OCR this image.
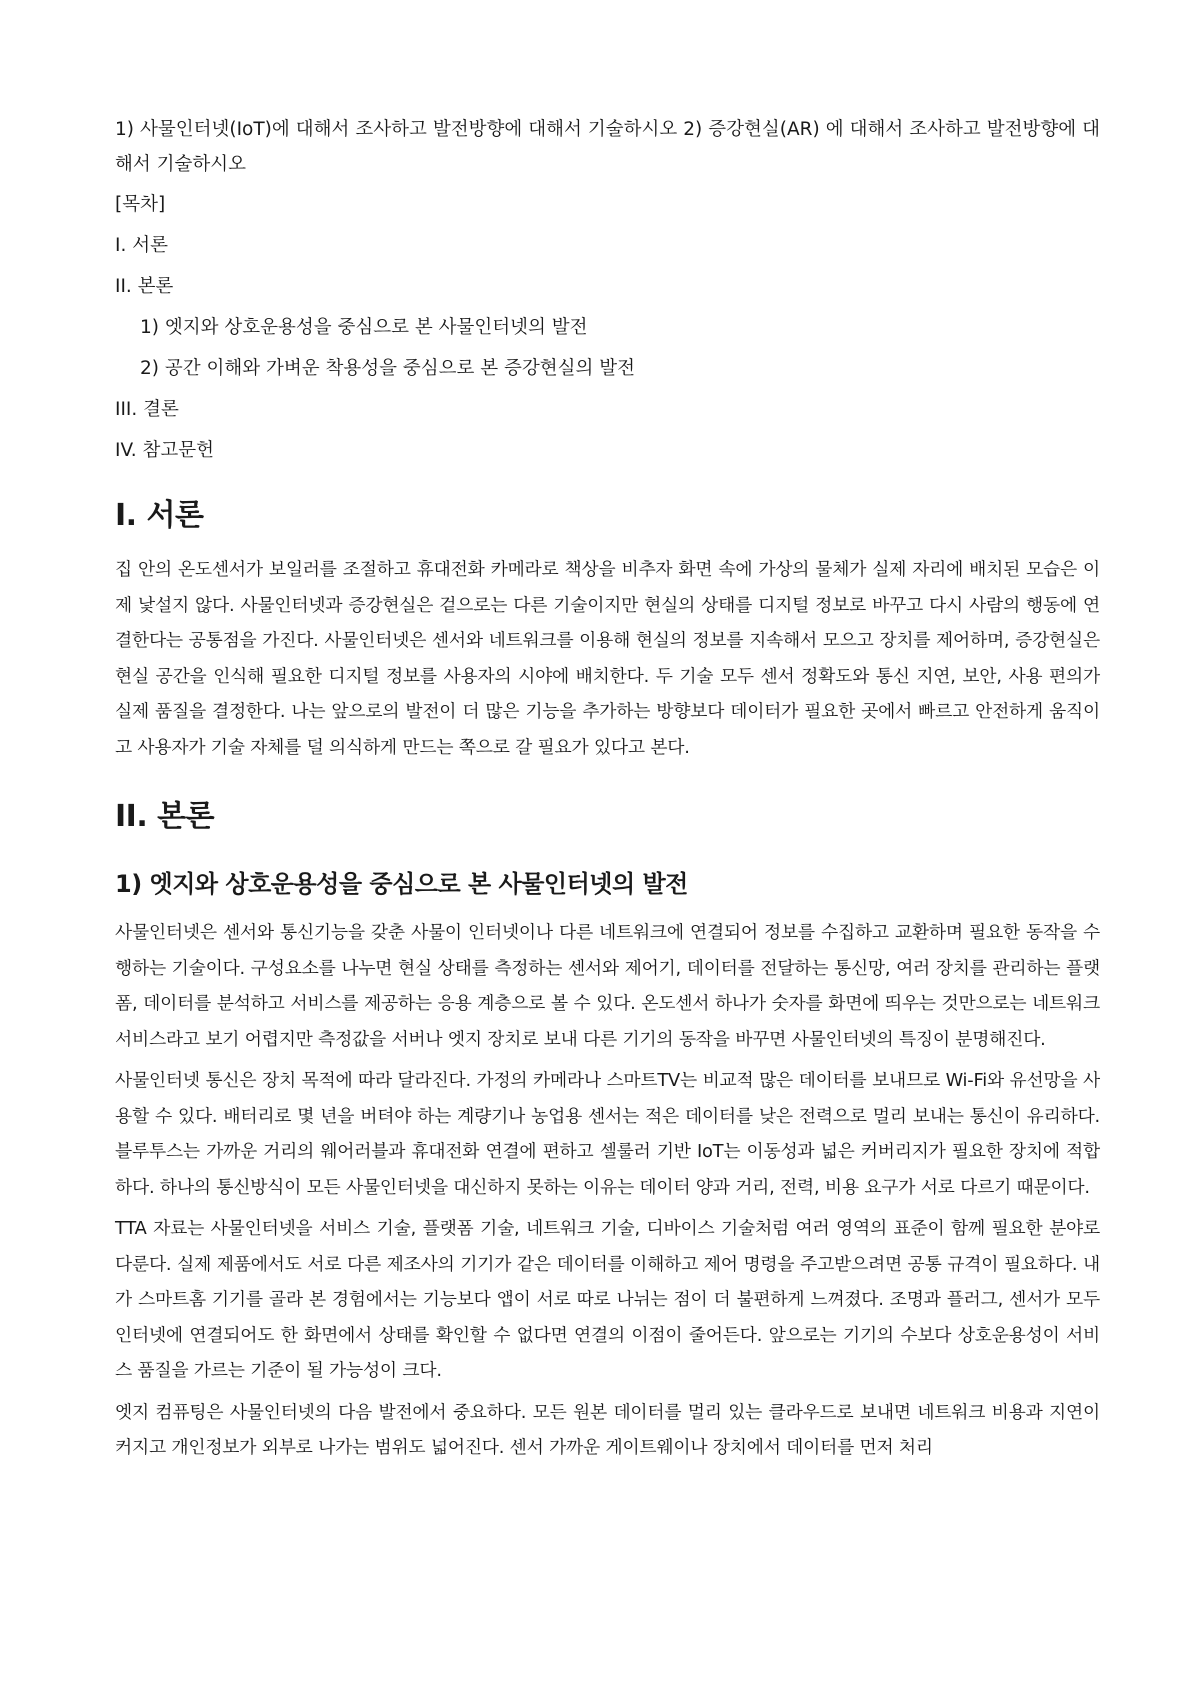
1) 사물인터넷(IoT)에 대해서 조사하고 발전방향에 대해서 기술하시오 2) 증강현실(AR) 에 대해서 조사하고 발전방향에 대해서 기술하시오

[목차]
I. 서론
II. 본론
1) 엣지와 상호운용성을 중심으로 본 사물인터넷의 발전
2) 공간 이해와 가벼운 착용성을 중심으로 본 증강현실의 발전
III. 결론
IV. 참고문헌
I. 서론

집 안의 온도센서가 보일러를 조절하고 휴대전화 카메라로 책상을 비추자 화면 속에 가상의 물체가 실제 자리에 배치된 모습은 이제 낯설지 않다. 사물인터넷과 증강현실은 겉으로는 다른 기술이지만 현실의 상태를 디지털 정보로 바꾸고 다시 사람의 행동에 연결한다는 공통점을 가진다. 사물인터넷은 센서와 네트워크를 이용해 현실의 정보를 지속해서 모으고 장치를 제어하며, 증강현실은 현실 공간을 인식해 필요한 디지털 정보를 사용자의 시야에 배치한다. 두 기술 모두 센서 정확도와 통신 지연, 보안, 사용 편의가 실제 품질을 결정한다. 나는 앞으로의 발전이 더 많은 기능을 추가하는 방향보다 데이터가 필요한 곳에서 빠르고 안전하게 움직이고 사용자가 기술 자체를 덜 의식하게 만드는 쪽으로 갈 필요가 있다고 본다.

II. 본론
1) 엣지와 상호운용성을 중심으로 본 사물인터넷의 발전

사물인터넷은 센서와 통신기능을 갖춘 사물이 인터넷이나 다른 네트워크에 연결되어 정보를 수집하고 교환하며 필요한 동작을 수행하는 기술이다. 구성요소를 나누면 현실 상태를 측정하는 센서와 제어기, 데이터를 전달하는 통신망, 여러 장치를 관리하는 플랫폼, 데이터를 분석하고 서비스를 제공하는 응용 계층으로 볼 수 있다. 온도센서 하나가 숫자를 화면에 띄우는 것만으로는 네트워크 서비스라고 보기 어렵지만 측정값을 서버나 엣지 장치로 보내 다른 기기의 동작을 바꾸면 사물인터넷의 특징이 분명해진다.

사물인터넷 통신은 장치 목적에 따라 달라진다. 가정의 카메라나 스마트TV는 비교적 많은 데이터를 보내므로 Wi-Fi와 유선망을 사용할 수 있다. 배터리로 몇 년을 버텨야 하는 계량기나 농업용 센서는 적은 데이터를 낮은 전력으로 멀리 보내는 통신이 유리하다. 블루투스는 가까운 거리의 웨어러블과 휴대전화 연결에 편하고 셀룰러 기반 IoT는 이동성과 넓은 커버리지가 필요한 장치에 적합하다. 하나의 통신방식이 모든 사물인터넷을 대신하지 못하는 이유는 데이터 양과 거리, 전력, 비용 요구가 서로 다르기 때문이다.

TTA 자료는 사물인터넷을 서비스 기술, 플랫폼 기술, 네트워크 기술, 디바이스 기술처럼 여러 영역의 표준이 함께 필요한 분야로 다룬다. 실제 제품에서도 서로 다른 제조사의 기기가 같은 데이터를 이해하고 제어 명령을 주고받으려면 공통 규격이 필요하다. 내가 스마트홈 기기를 골라 본 경험에서는 기능보다 앱이 서로 따로 나뉘는 점이 더 불편하게 느껴졌다. 조명과 플러그, 센서가 모두 인터넷에 연결되어도 한 화면에서 상태를 확인할 수 없다면 연결의 이점이 줄어든다. 앞으로는 기기의 수보다 상호운용성이 서비스 품질을 가르는 기준이 될 가능성이 크다.

엣지 컴퓨팅은 사물인터넷의 다음 발전에서 중요하다. 모든 원본 데이터를 멀리 있는 클라우드로 보내면 네트워크 비용과 지연이 커지고 개인정보가 외부로 나가는 범위도 넓어진다. 센서 가까운 게이트웨이나 장치에서 데이터를 먼저 처리
